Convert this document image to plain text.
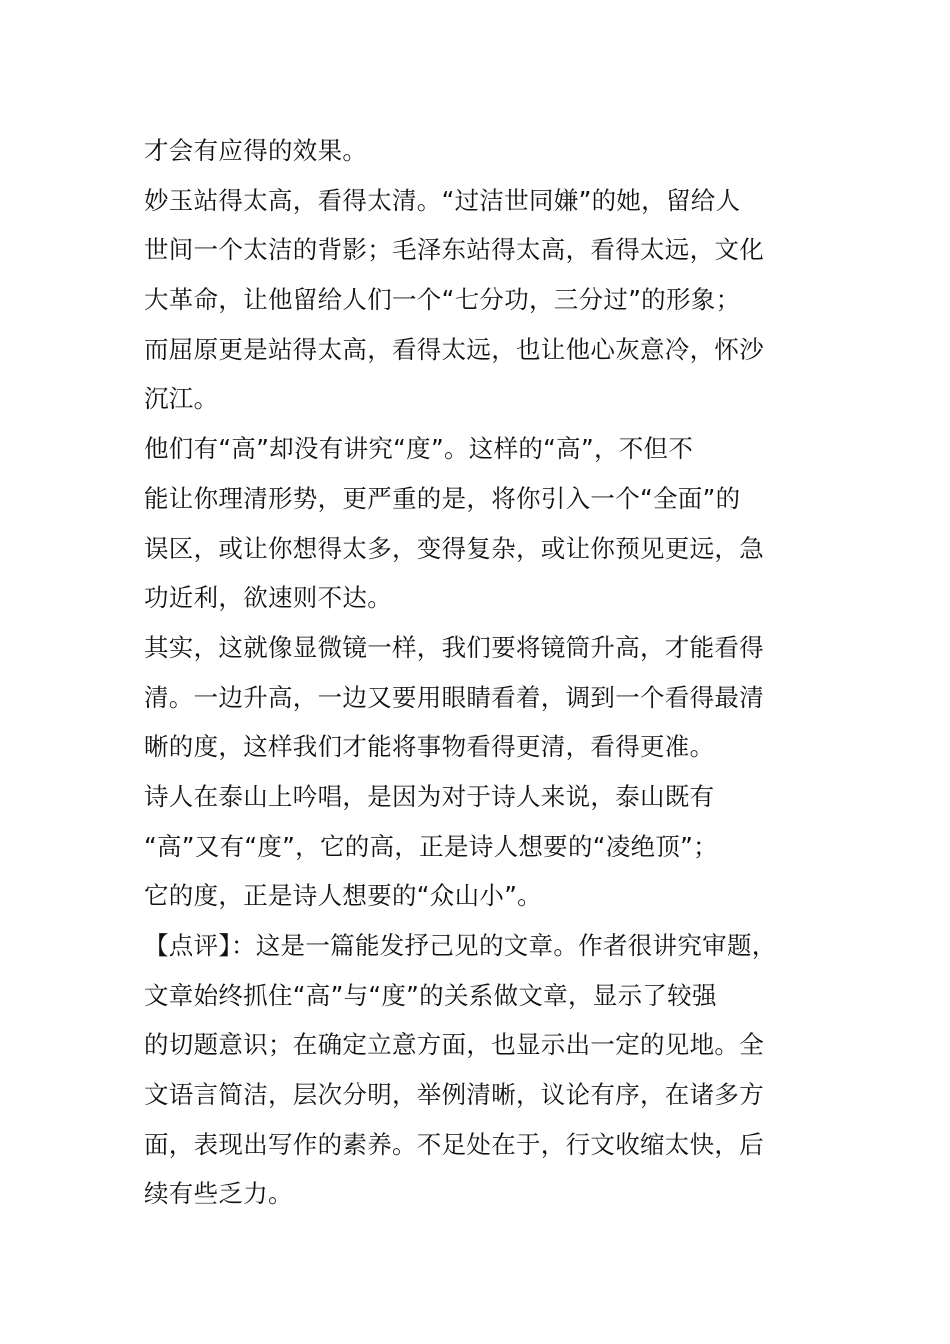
才会有应得的效果。
妙玉站得太高，看得太清。“过洁世同嫌”的她，留给人
世间一个太洁的背影；毛泽东站得太高，看得太远，文化
大革命，让他留给人们一个“七分功，三分过”的形象；
而屈原更是站得太高，看得太远，也让他心灰意冷，怀沙
沉江。
他们有“高”却没有讲究“度”。这样的“高”，不但不
能让你理清形势，更严重的是，将你引入一个“全面”的
误区，或让你想得太多，变得复杂，或让你预见更远，急
功近利，欲速则不达。
其实，这就像显微镜一样，我们要将镜筒升高，才能看得
清。一边升高，一边又要用眼睛看着，调到一个看得最清
晰的度，这样我们才能将事物看得更清，看得更准。
诗人在泰山上吟唱，是因为对于诗人来说，泰山既有
“高”又有“度”，它的高，正是诗人想要的“凌绝顶”；
它的度，正是诗人想要的“众山小”。
【点评】：这是一篇能发抒己见的文章。作者很讲究审题，
文章始终抓住“高”与“度”的关系做文章，显示了较强
的切题意识；在确定立意方面，也显示出一定的见地。全
文语言简洁，层次分明，举例清晰，议论有序，在诸多方
面，表现出写作的素养。不足处在于，行文收缩太快，后
续有些乏力。
